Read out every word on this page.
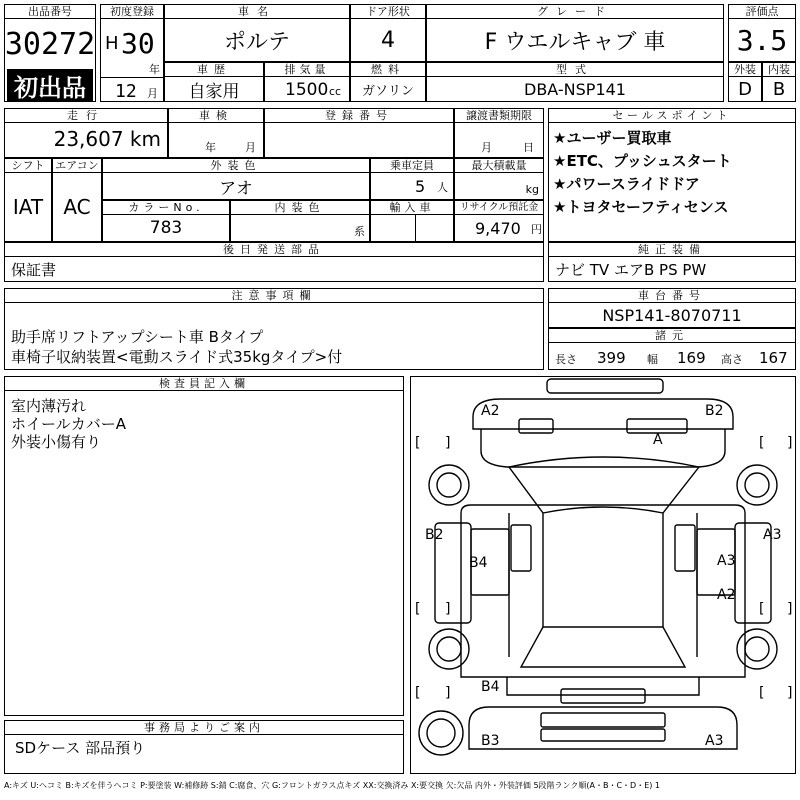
出品番号
30272
初出品
初度登録
H 30
年
12 月
車名
ポルテ
ドア形状
4
グレード
F ウエルキャブ 車
評価点
3.5
車歴
自家用
排気量
1500 cc
燃料
ガソリン
型式
DBA-NSP141
外装
D
内装
B
走行
23,607 km
車検
年	月
登録番号	譲渡書類期限
月	日
シフト
IAT
エアコン
AC
外装色
アオ
乗車定員
5 人
最大積載量
kg
カラーNo.
783
内装色
系
輸入車	リサイクル預託金
9,470 円
セールスポイント
★ユーザー買取車
★ETC、プッシュスタート
★パワースライドドア
★トヨタセーフティセンス
後日発送部品
保証書
純正装備
ナビ TV エアB PS PW
注意事項欄
助手席リフトアップシート車 Bタイプ
車椅子収納装置<電動スライド式35kgタイプ>付
車台番号
NSP141-8070711
諸元
長さ 399 幅 169 高さ 167
検査員記入欄
室内薄汚れ
ホイールカバーA
外装小傷有り
事務局よりご案内
SDケース 部品預り
[ ]	[ ]
[ ]	[ ]
[ ]	[ ]
A2	B2
A
B2	A3
B4	A3
A2
B4
B3	A3
A:キズ U:ヘコミ B:キズを伴うヘコミ P:要塗装 W:補修跡 S:錆 C:腐食、穴 G:フロントガラス点キズ XX:交換済み X:要交換 欠:欠品 内外・外装評価 5段階ランク順(A・B・C・D・E) 1
